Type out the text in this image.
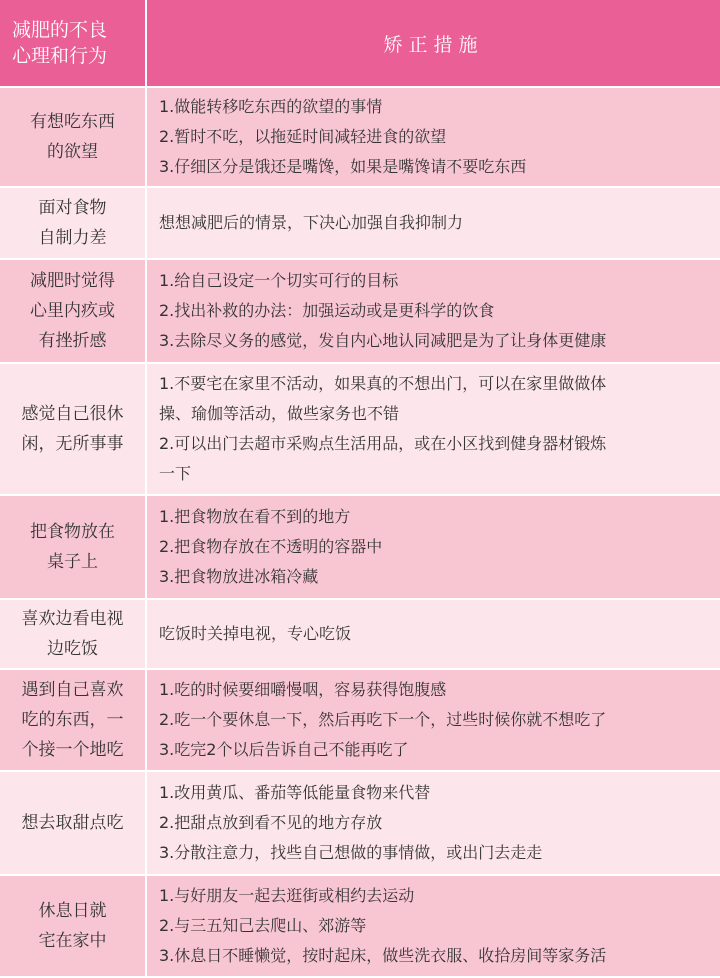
减肥的不良
心理和行为
矫正措施
有想吃东西
的欲望
1.做能转移吃东西的欲望的事情
2.暂时不吃，以拖延时间减轻进食的欲望
3.仔细区分是饿还是嘴馋，如果是嘴馋请不要吃东西
面对食物
自制力差
想想减肥后的情景，下决心加强自我抑制力
减肥时觉得
心里内疚或
有挫折感
1.给自己设定一个切实可行的目标
2.找出补救的办法：加强运动或是更科学的饮食
3.去除尽义务的感觉，发自内心地认同减肥是为了让身体更健康
感觉自己很休
闲，无所事事
1.不要宅在家里不活动，如果真的不想出门，可以在家里做做体
操、瑜伽等活动，做些家务也不错
2.可以出门去超市采购点生活用品，或在小区找到健身器材锻炼
一下
把食物放在
桌子上
1.把食物放在看不到的地方
2.把食物存放在不透明的容器中
3.把食物放进冰箱冷藏
喜欢边看电视
边吃饭
吃饭时关掉电视，专心吃饭
遇到自己喜欢
吃的东西，一
个接一个地吃
1.吃的时候要细嚼慢咽，容易获得饱腹感
2.吃一个要休息一下，然后再吃下一个，过些时候你就不想吃了
3.吃完2个以后告诉自己不能再吃了
想去取甜点吃
1.改用黄瓜、番茄等低能量食物来代替
2.把甜点放到看不见的地方存放
3.分散注意力，找些自己想做的事情做，或出门去走走
休息日就
宅在家中
1.与好朋友一起去逛街或相约去运动
2.与三五知己去爬山、郊游等
3.休息日不睡懒觉，按时起床，做些洗衣服、收拾房间等家务活
